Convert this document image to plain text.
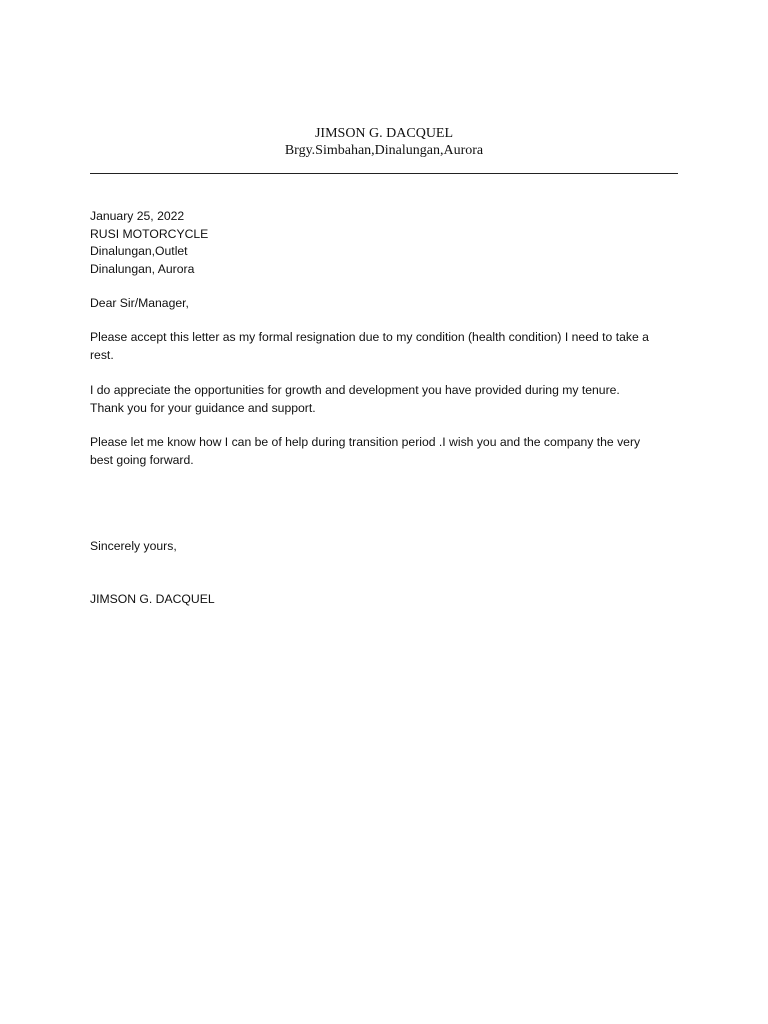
JIMSON G. DACQUEL
Brgy.Simbahan,Dinalungan,Aurora
January 25, 2022
RUSI MOTORCYCLE
Dinalungan,Outlet
Dinalungan, Aurora
Dear Sir/Manager,
Please accept this letter as my formal resignation due to my condition (health condition) I need to take a
rest.
I do appreciate the opportunities for growth and development you have provided during my tenure.
Thank you for your guidance and support.
Please let me know how I can be of help during transition period .I wish you and the company the very
best going forward.
Sincerely yours,
JIMSON G. DACQUEL
